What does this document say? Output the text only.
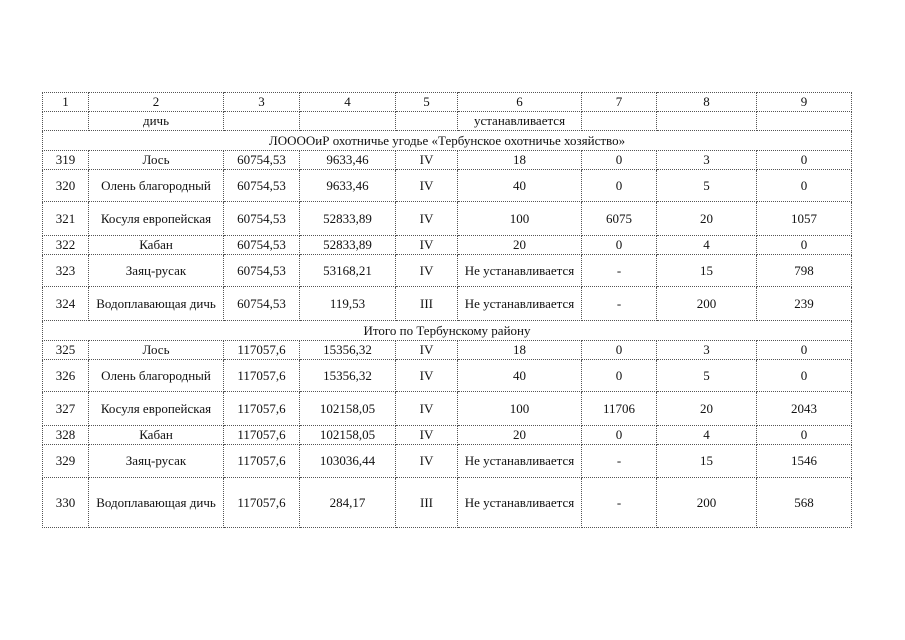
1	2	3	4	5	6	7	8	9
	дичь				устанавливается			
ЛООООиР охотничье угодье «Тербунское охотничье хозяйство»								
319	Лось	60754,53	9633,46	IV	18	0	3	0
320	Олень благородный	60754,53	9633,46	IV	40	0	5	0
321	Косуля европейская	60754,53	52833,89	IV	100	6075	20	1057
322	Кабан	60754,53	52833,89	IV	20	0	4	0
323	Заяц-русак	60754,53	53168,21	IV	Не устанавливается	-	15	798
324	Водоплавающая дичь	60754,53	119,53	III	Не устанавливается	-	200	239
Итого по Тербунскому району								
325	Лось	117057,6	15356,32	IV	18	0	3	0
326	Олень благородный	117057,6	15356,32	IV	40	0	5	0
327	Косуля европейская	117057,6	102158,05	IV	100	11706	20	2043
328	Кабан	117057,6	102158,05	IV	20	0	4	0
329	Заяц-русак	117057,6	103036,44	IV	Не устанавливается	-	15	1546
330	Водоплавающая дичь	117057,6	284,17	III	Не устанавливается	-	200	568
